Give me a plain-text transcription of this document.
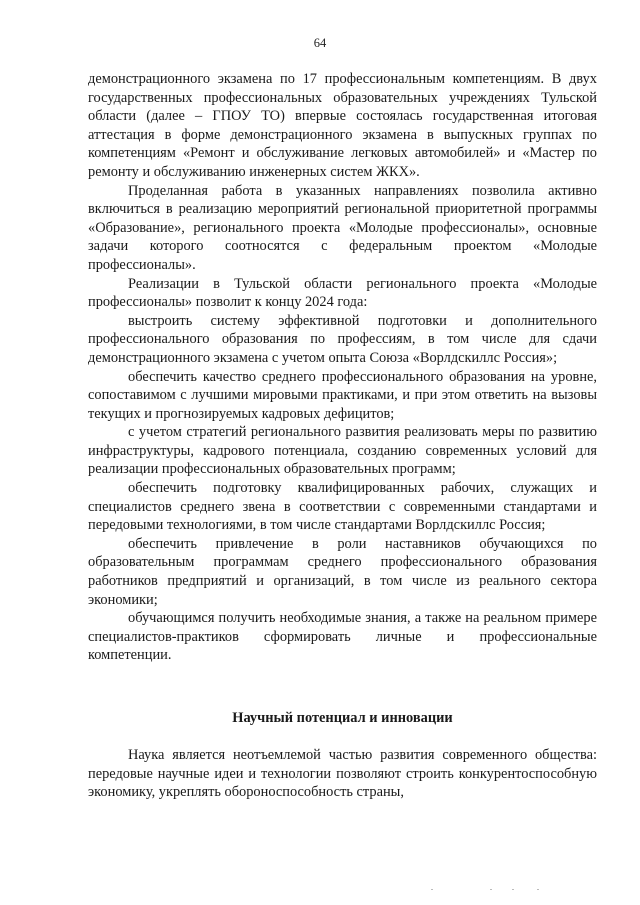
64

демонстрационного экзамена по 17 профессиональным компетенциям. В двух государственных профессиональных образовательных учреждениях Тульской области (далее – ГПОУ ТО) впервые состоялась государственная итоговая аттестация в форме демонстрационного экзамена в выпускных группах по компетенциям «Ремонт и обслуживание легковых автомобилей» и «Мастер по ремонту и обслуживанию инженерных систем ЖКХ».

Проделанная работа в указанных направлениях позволила активно включиться в реализацию мероприятий региональной приоритетной программы «Образование», регионального проекта «Молодые профессионалы», основные задачи которого соотносятся с федеральным проектом «Молодые профессионалы».

Реализации в Тульской области регионального проекта «Молодые профессионалы» позволит к концу 2024 года:

выстроить систему эффективной подготовки и дополнительного профессионального образования по профессиям, в том числе для сдачи демонстрационного экзамена с учетом опыта Союза «Ворлдскиллс Россия»;

обеспечить качество среднего профессионального образования на уровне, сопоставимом с лучшими мировыми практиками, и при этом ответить на вызовы текущих и прогнозируемых кадровых дефицитов;

с учетом стратегий регионального развития реализовать меры по развитию инфраструктуры, кадрового потенциала, созданию современных условий для реализации профессиональных образовательных программ;

обеспечить подготовку квалифицированных рабочих, служащих и специалистов среднего звена в соответствии с современными стандартами и передовыми технологиями, в том числе стандартами Ворлдскиллс Россия;

обеспечить привлечение в роли наставников обучающихся по образовательным программам среднего профессионального образования работников предприятий и организаций, в том числе из реального сектора экономики;

обучающимся получить необходимые знания, а также на реальном примере специалистов-практиков сформировать личные и профессиональные компетенции.

Научный потенциал и инновации

Наука является неотъемлемой частью развития современного общества: передовые научные идеи и технологии позволяют строить конкурентоспособную экономику, укреплять обороноспособность страны,
